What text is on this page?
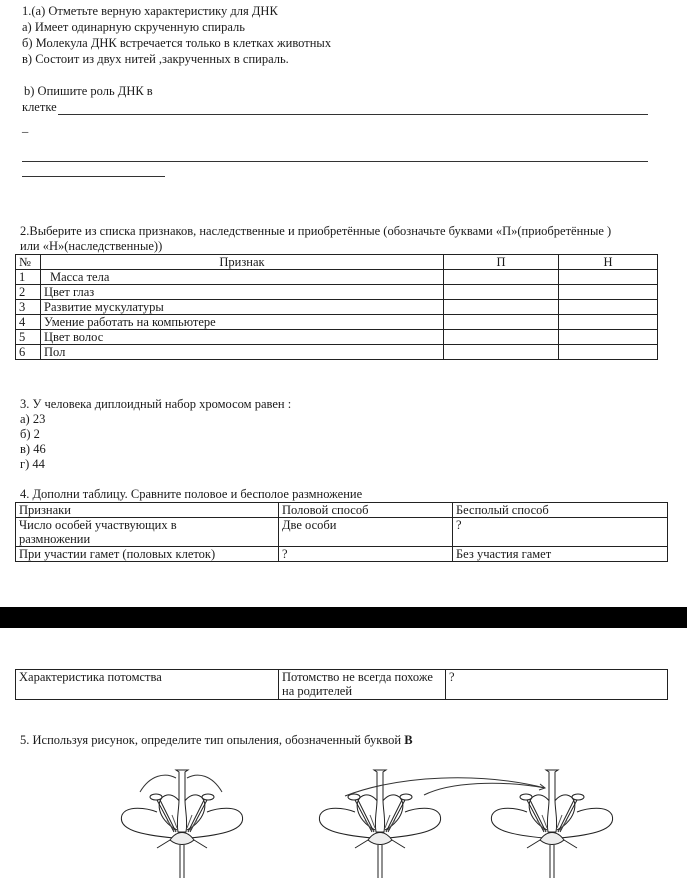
1.(a) Отметьте верную характеристику для ДНК
а) Имеет одинарную скрученную спираль
б) Молекула ДНК встречается только в клетках животных
в) Состоит из двух нитей ,закрученных в спираль.
b) Опишите роль ДНК в
клетке
_
2.Выберите из списка признаков, наследственные и приобретённые (обозначьте буквами «П»(приобретённые )
или «Н»(наследственные))
№	Признак	П	Н
1	Масса тела		
2	Цвет глаз		
3	Развитие мускулатуры		
4	Умение работать на компьютере		
5	Цвет волос		
6	Пол		
3. У человека диплоидный набор хромосом равен :
а) 23
б) 2
в) 46
г) 44
4. Дополни таблицу. Сравните половое и бесполое размножение
Признаки	Половой способ	Бесполый способ
Число особей участвующих в размножении	Две особи	?
При участии гамет (половых клеток)	?	Без участия гамет
Характеристика потомства	Потомство не всегда похоже на родителей	?
5. Используя рисунок, определите тип опыления, обозначенный буквой В
